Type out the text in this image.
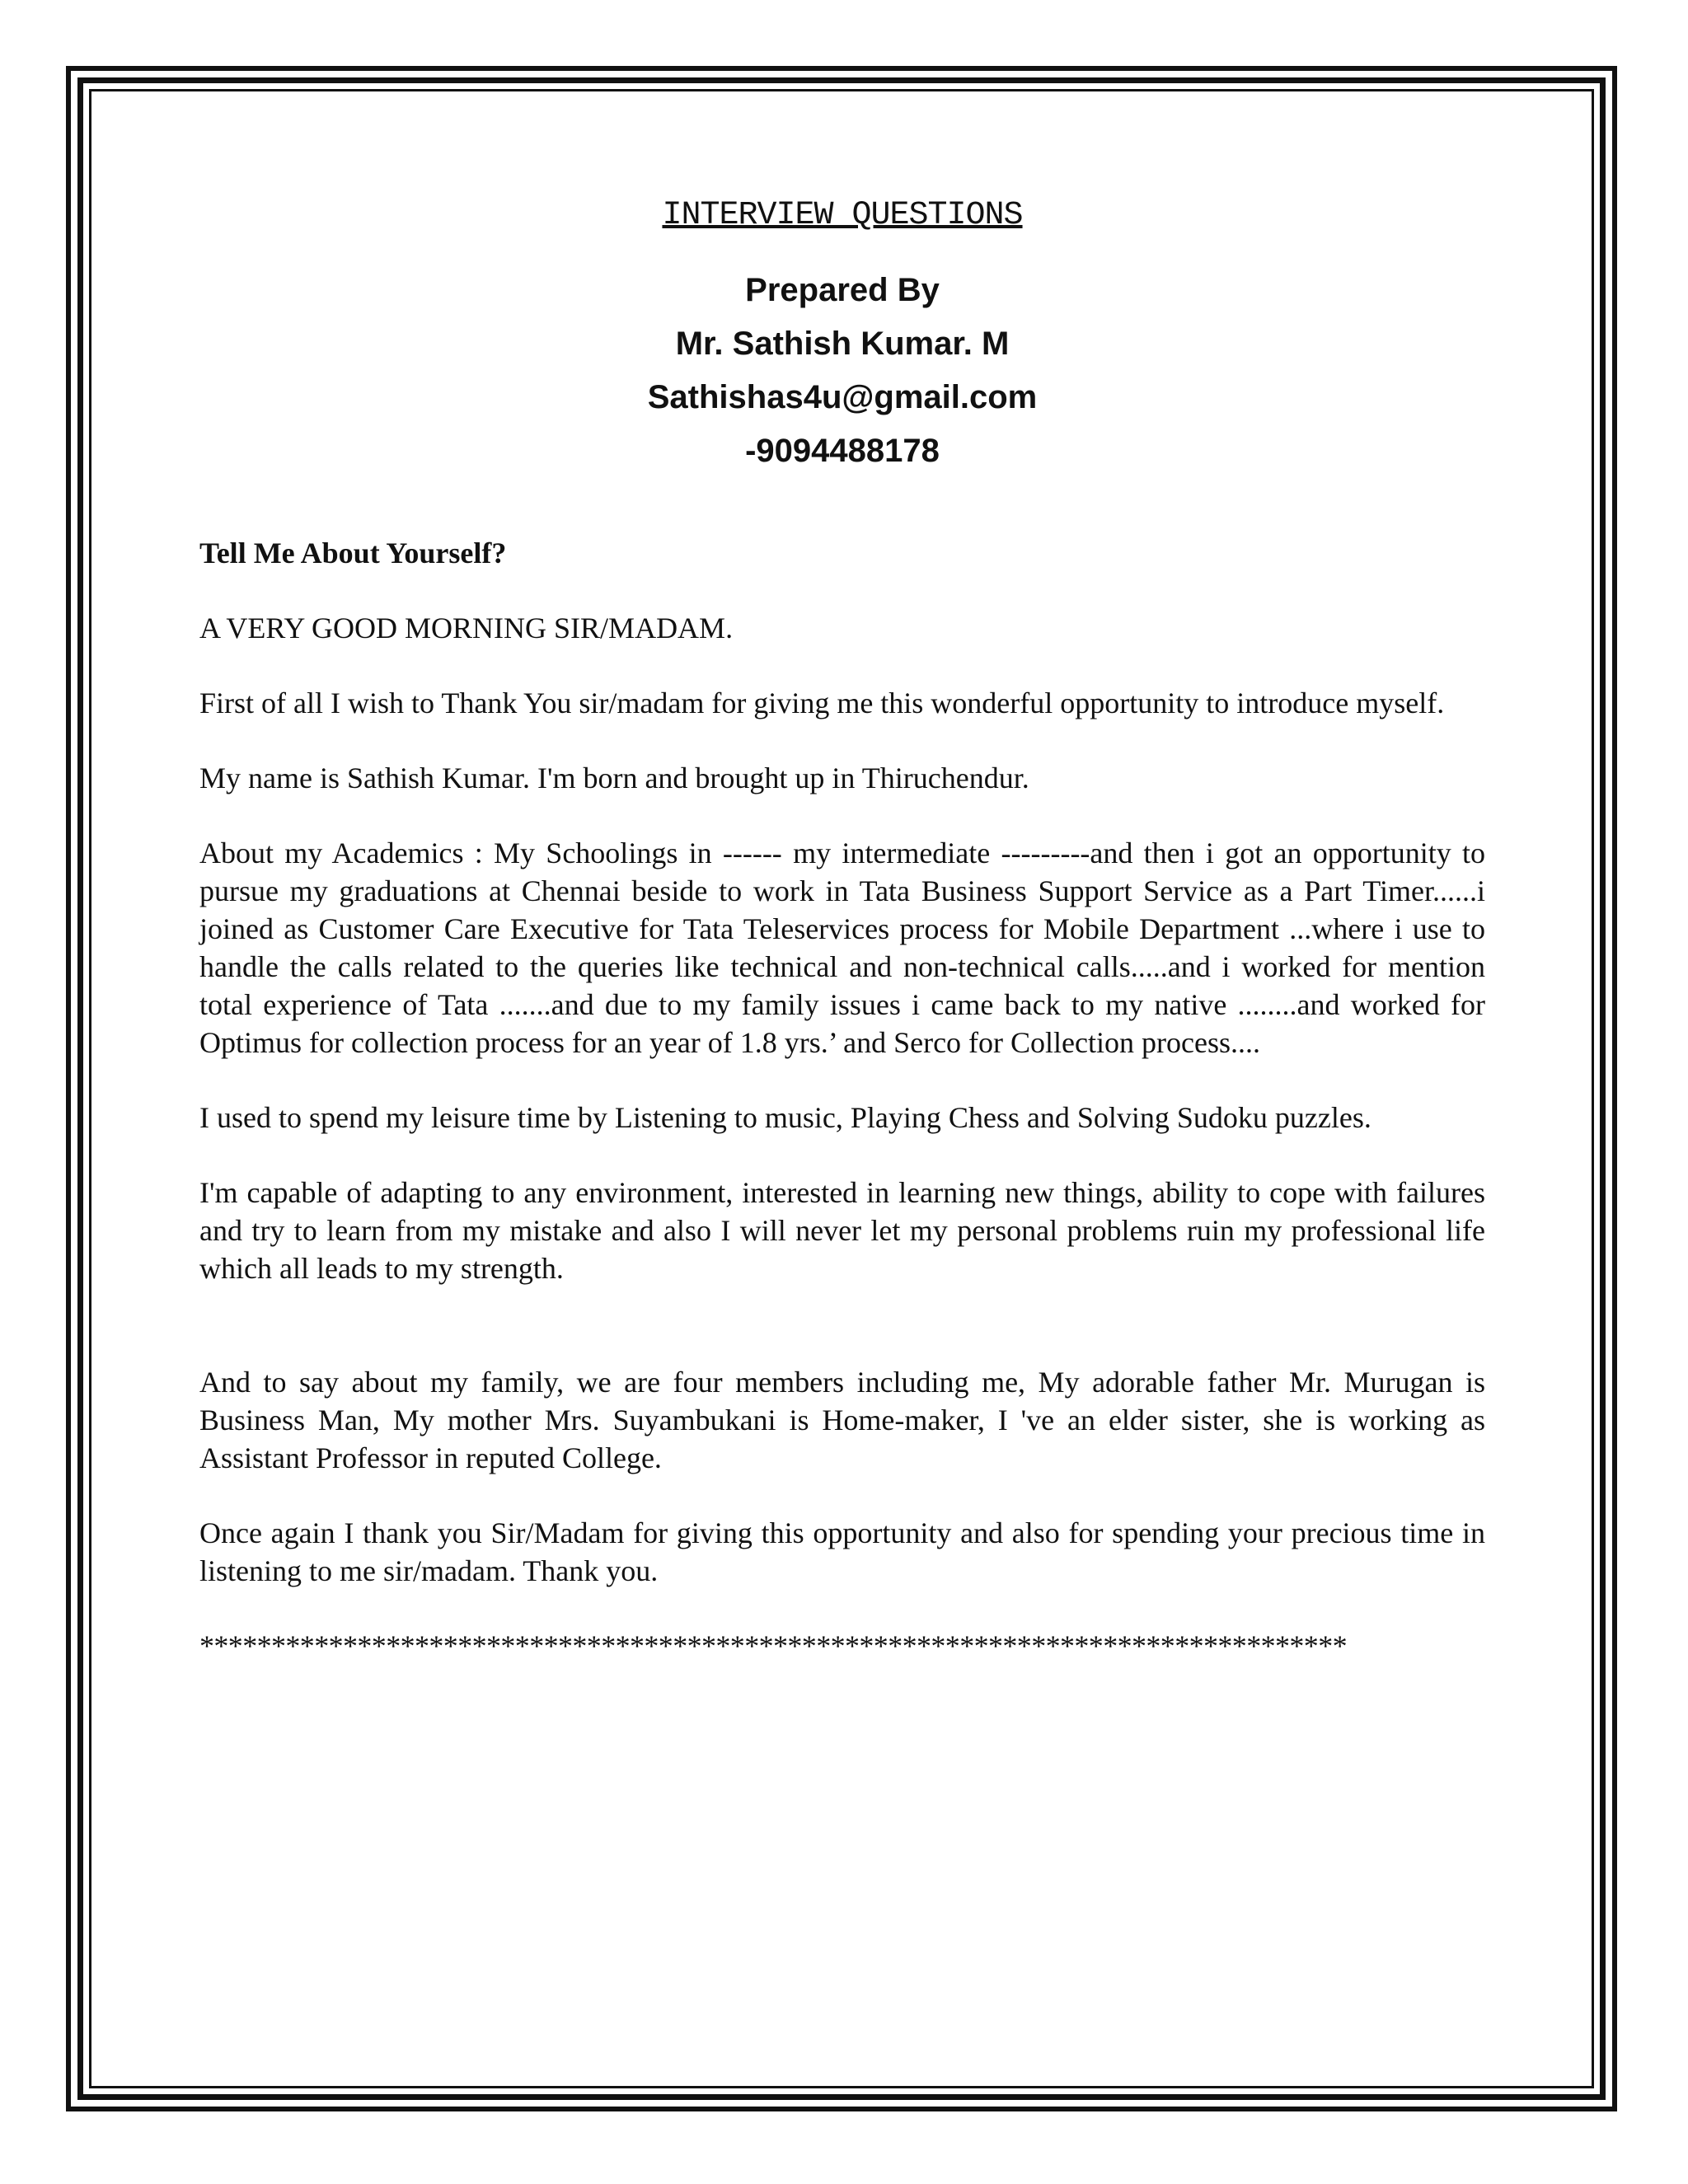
INTERVIEW QUESTIONS
Prepared By
Mr. Sathish Kumar. M
Sathishas4u@gmail.com
-9094488178
Tell Me About Yourself?

A VERY GOOD MORNING SIR/MADAM.

First of all I wish to Thank You sir/madam for giving me this wonderful opportunity to introduce myself.

My name is Sathish Kumar. I'm born and brought up in Thiruchendur.

About my Academics : My Schoolings in ------ my intermediate ---------and then i got an opportunity to pursue my graduations at Chennai beside to work in Tata Business Support Service as a Part Timer......i joined as Customer Care Executive for Tata Teleservices process for Mobile Department ...where i use to handle the calls related to the queries like technical and non-technical calls.....and i worked for mention total experience of Tata .......and due to my family issues i came back to my native ........and worked for Optimus for collection process for an year of 1.8 yrs.’ and Serco for Collection process....

I used to spend my leisure time by Listening to music, Playing Chess and Solving Sudoku puzzles.

I'm capable of adapting to any environment, interested in learning new things, ability to cope with failures and try to learn from my mistake and also I will never let my personal problems ruin my professional life which all leads to my strength.

And to say about my family, we are four members including me, My adorable father Mr. Murugan is Business Man, My mother Mrs. Suyambukani is Home-maker, I 've an elder sister, she is working as Assistant Professor in reputed College.

Once again I thank you Sir/Madam for giving this opportunity and also for spending your precious time in listening to me sir/madam. Thank you.

********************************************************************************
